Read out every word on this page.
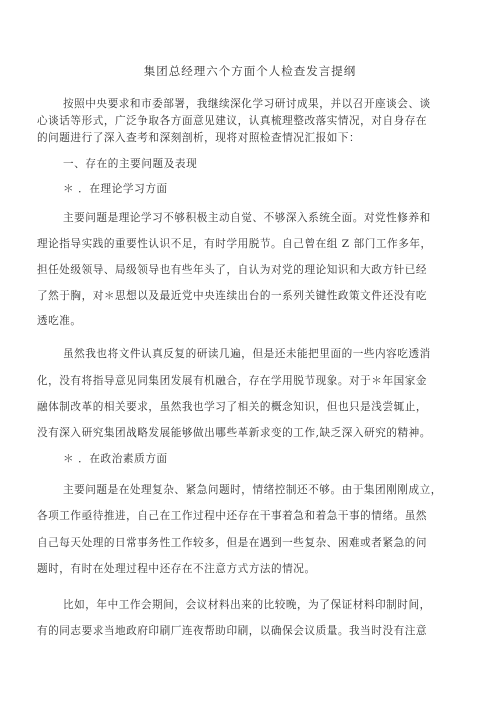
集团总经理六个方面个人检查发言提纲
按照中央要求和市委部署，我继续深化学习研讨成果，并以召开座谈会、谈
心谈话等形式，广泛争取各方面意见建议，认真梳理整改落实情况，对自身存在
的问题进行了深入查考和深刻剖析，现将对照检查情况汇报如下：
一、存在的主要问题及表现
＊ ．在理论学习方面
主要问题是理论学习不够积极主动自觉、不够深入系统全面。对党性修养和
理论指导实践的重要性认识不足，有时学用脱节。自己曾在组 Z 部门工作多年，
担任处级领导、局级领导也有些年头了，自认为对党的理论知识和大政方针已经
了然于胸，对＊思想以及最近党中央连续出台的一系列关键性政策文件还没有吃
透吃准。
虽然我也将文件认真反复的研读几遍，但是还未能把里面的一些内容吃透消
化，没有将指导意见同集团发展有机融合，存在学用脱节现象。对于＊年国家金
融体制改革的相关要求，虽然我也学习了相关的概念知识，但也只是浅尝辄止，
没有深入研究集团战略发展能够做出哪些革新求变的工作,缺乏深入研究的精神。
＊ ．在政治素质方面
主要问题是在处理复杂、紧急问题时，情绪控制还不够。由于集团刚刚成立，
各项工作亟待推进，自己在工作过程中还存在干事着急和着急干事的情绪。虽然
自己每天处理的日常事务性工作较多，但是在遇到一些复杂、困难或者紧急的问
题时，有时在处理过程中还存在不注意方式方法的情况。
比如，年中工作会期间，会议材料出来的比较晚，为了保证材料印制时间，
有的同志要求当地政府印刷厂连夜帮助印刷，以确保会议质量。我当时没有注意
